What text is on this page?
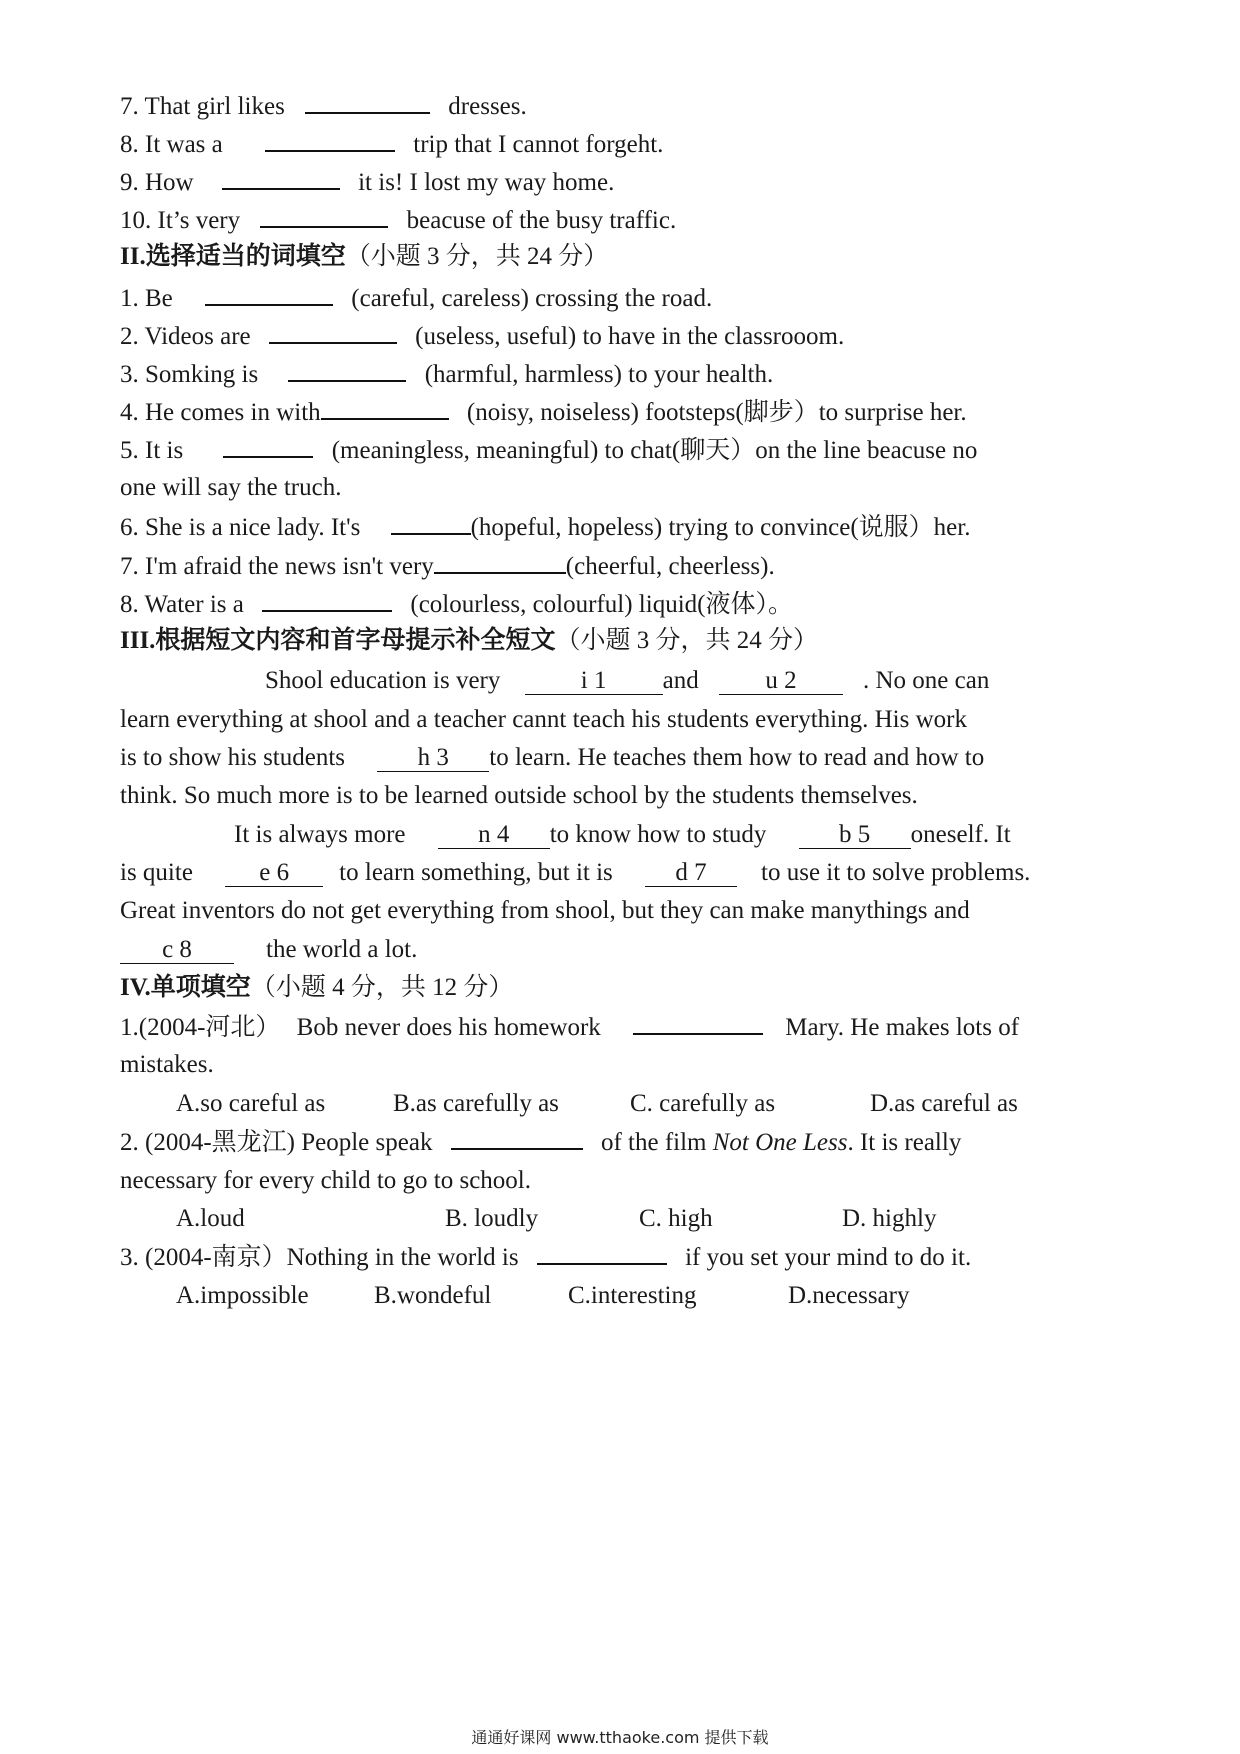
7. That girl likes	dresses.
8. It was a	trip that I cannot forgeht.
9. How	it is! I lost my way home.
10. It’s very	beacuse of the busy traffic.
II.选择适当的词填空（小题 3 分，共 24 分）
1. Be	(careful, careless) crossing the road.
2. Videos are	(useless, useful) to have in the classrooom.
3. Somking is	(harmful, harmless) to your health.
4. He comes in with	(noisy, noiseless) footsteps(脚步）to surprise her.
5. It is	(meaningless, meaningful) to chat(聊天）on the line beacuse no
one will say the truch.
6. She is a nice lady. It's	(hopeful, hopeless) trying to convince(说服）her.
7. I'm afraid the news isn't very	(cheerful, cheerless).
8. Water is a	(colourless, colourful) liquid(液体）。
III.根据短文内容和首字母提示补全短文（小题 3 分，共 24 分）
Shool education is very	i 1 and	u 2	. No one can
learn everything at shool and a teacher cannt teach his students everything. His work
is to show his students	h 3 to learn. He teaches them how to read and how to
think. So much more is to be learned outside school by the students themselves.
It is always more	n 4 to know how to study	b 5 oneself. It
is quite	e 6 to learn something, but it is	d 7 to use it to solve problems.
Great inventors do not get everything from shool, but they can make manythings and
c 8	the world a lot.
IV.单项填空（小题 4 分，共 12 分）
1.(2004-河北） Bob never does his homework	Mary. He makes lots of
mistakes.
A.so careful as	B.as carefully as	C. carefully as	D.as careful as
2. (2004-黑龙江) People speak	of the film Not One Less. It is really
necessary for every child to go to school.
A.loud	B. loudly	C. high	D. highly
3. (2004-南京）Nothing in the world is	if you set your mind to do it.
A.impossible	B.wondeful	C.interesting	D.necessary
通通好课网 www.tthaoke.com 提供下载
